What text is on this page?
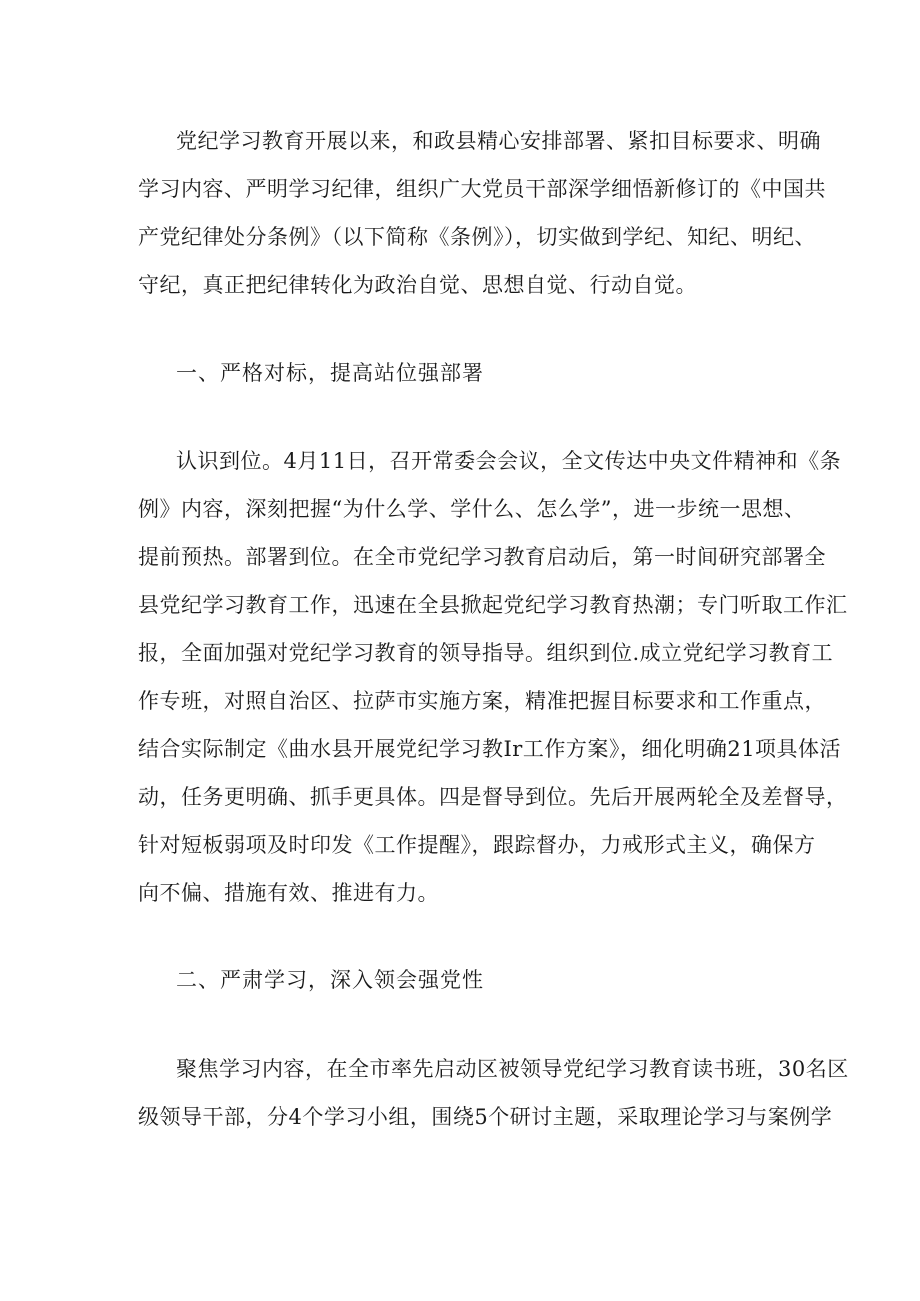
党纪学习教育开展以来，和政县精心安排部署、紧扣目标要求、明确
学习内容、严明学习纪律，组织广大党员干部深学细悟新修订的《中国共
产党纪律处分条例》（以下简称《条例》），切实做到学纪、知纪、明纪、
守纪，真正把纪律转化为政治自觉、思想自觉、行动自觉。
一、严格对标，提高站位强部署
认识到位。4月11日，召开常委会会议，全文传达中央文件精神和《条
例》内容，深刻把握“为什么学、学什么、怎么学”，进一步统一思想、
提前预热。部署到位。在全市党纪学习教育启动后，第一时间研究部署全
县党纪学习教育工作，迅速在全县掀起党纪学习教育热潮；专门听取工作汇
报，全面加强对党纪学习教育的领导指导。组织到位.成立党纪学习教育工
作专班，对照自治区、拉萨市实施方案，精准把握目标要求和工作重点，
结合实际制定《曲水县开展党纪学习教Ir工作方案》，细化明确21项具体活
动，任务更明确、抓手更具体。四是督导到位。先后开展两轮全及差督导，
针对短板弱项及时印发《工作提醒》，跟踪督办，力戒形式主义，确保方
向不偏、措施有效、推进有力。
二、严肃学习，深入领会强党性
聚焦学习内容，在全市率先启动区被领导党纪学习教育读书班，30名区
级领导干部，分4个学习小组，围绕5个研讨主题，采取理论学习与案例学
